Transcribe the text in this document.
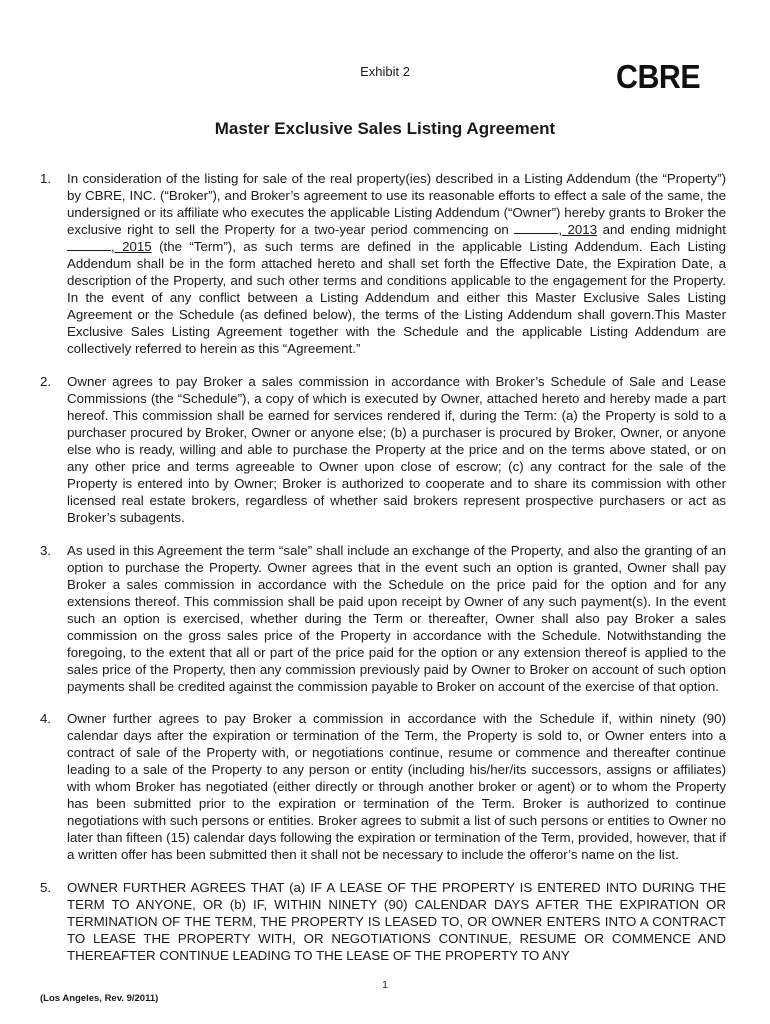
Exhibit 2	CBRE
Master Exclusive Sales Listing Agreement
1. In consideration of the listing for sale of the real property(ies) described in a Listing Addendum (the “Property”) by CBRE, INC. (“Broker”), and Broker’s agreement to use its reasonable efforts to effect a sale of the same, the undersigned or its affiliate who executes the applicable Listing Addendum (“Owner”) hereby grants to Broker the exclusive right to sell the Property for a two-year period commencing on	, 2013 and ending midnight , 2015 (the “Term”), as such terms are defined in the applicable Listing Addendum. Each Listing Addendum shall be in the form attached hereto and shall set forth the Effective Date, the Expiration Date, a description of the Property, and such other terms and conditions applicable to the engagement for the Property. In the event of any conflict between a Listing Addendum and either this Master Exclusive Sales Listing Agreement or the Schedule (as defined below), the terms of the Listing Addendum shall govern.This Master Exclusive Sales Listing Agreement together with the Schedule and the applicable Listing Addendum are collectively referred to herein as this “Agreement.”
2. Owner agrees to pay Broker a sales commission in accordance with Broker’s Schedule of Sale and Lease Commissions (the “Schedule”), a copy of which is executed by Owner, attached hereto and hereby made a part hereof. This commission shall be earned for services rendered if, during the Term: (a) the Property is sold to a purchaser procured by Broker, Owner or anyone else; (b) a purchaser is procured by Broker, Owner, or anyone else who is ready, willing and able to purchase the Property at the price and on the terms above stated, or on any other price and terms agreeable to Owner upon close of escrow; (c) any contract for the sale of the Property is entered into by Owner; Broker is authorized to cooperate and to share its commission with other licensed real estate brokers, regardless of whether said brokers represent prospective purchasers or act as Broker’s subagents.
3. As used in this Agreement the term “sale” shall include an exchange of the Property, and also the granting of an option to purchase the Property. Owner agrees that in the event such an option is granted, Owner shall pay Broker a sales commission in accordance with the Schedule on the price paid for the option and for any extensions thereof. This commission shall be paid upon receipt by Owner of any such payment(s). In the event such an option is exercised, whether during the Term or thereafter, Owner shall also pay Broker a sales commission on the gross sales price of the Property in accordance with the Schedule. Notwithstanding the foregoing, to the extent that all or part of the price paid for the option or any extension thereof is applied to the sales price of the Property, then any commission previously paid by Owner to Broker on account of such option payments shall be credited against the commission payable to Broker on account of the exercise of that option.
4. Owner further agrees to pay Broker a commission in accordance with the Schedule if, within ninety (90) calendar days after the expiration or termination of the Term, the Property is sold to, or Owner enters into a contract of sale of the Property with, or negotiations continue, resume or commence and thereafter continue leading to a sale of the Property to any person or entity (including his/her/its successors, assigns or affiliates) with whom Broker has negotiated (either directly or through another broker or agent) or to whom the Property has been submitted prior to the expiration or termination of the Term. Broker is authorized to continue negotiations with such persons or entities. Broker agrees to submit a list of such persons or entities to Owner no later than fifteen (15) calendar days following the expiration or termination of the Term, provided, however, that if a written offer has been submitted then it shall not be necessary to include the offeror’s name on the list.
5. OWNER FURTHER AGREES THAT (a) IF A LEASE OF THE PROPERTY IS ENTERED INTO DURING THE TERM TO ANYONE, OR (b) IF, WITHIN NINETY (90) CALENDAR DAYS AFTER THE EXPIRATION OR TERMINATION OF THE TERM, THE PROPERTY IS LEASED TO, OR OWNER ENTERS INTO A CONTRACT TO LEASE THE PROPERTY WITH, OR NEGOTIATIONS CONTINUE, RESUME OR COMMENCE AND THEREAFTER CONTINUE LEADING TO THE LEASE OF THE PROPERTY TO ANY
1
(Los Angeles, Rev. 9/2011)
